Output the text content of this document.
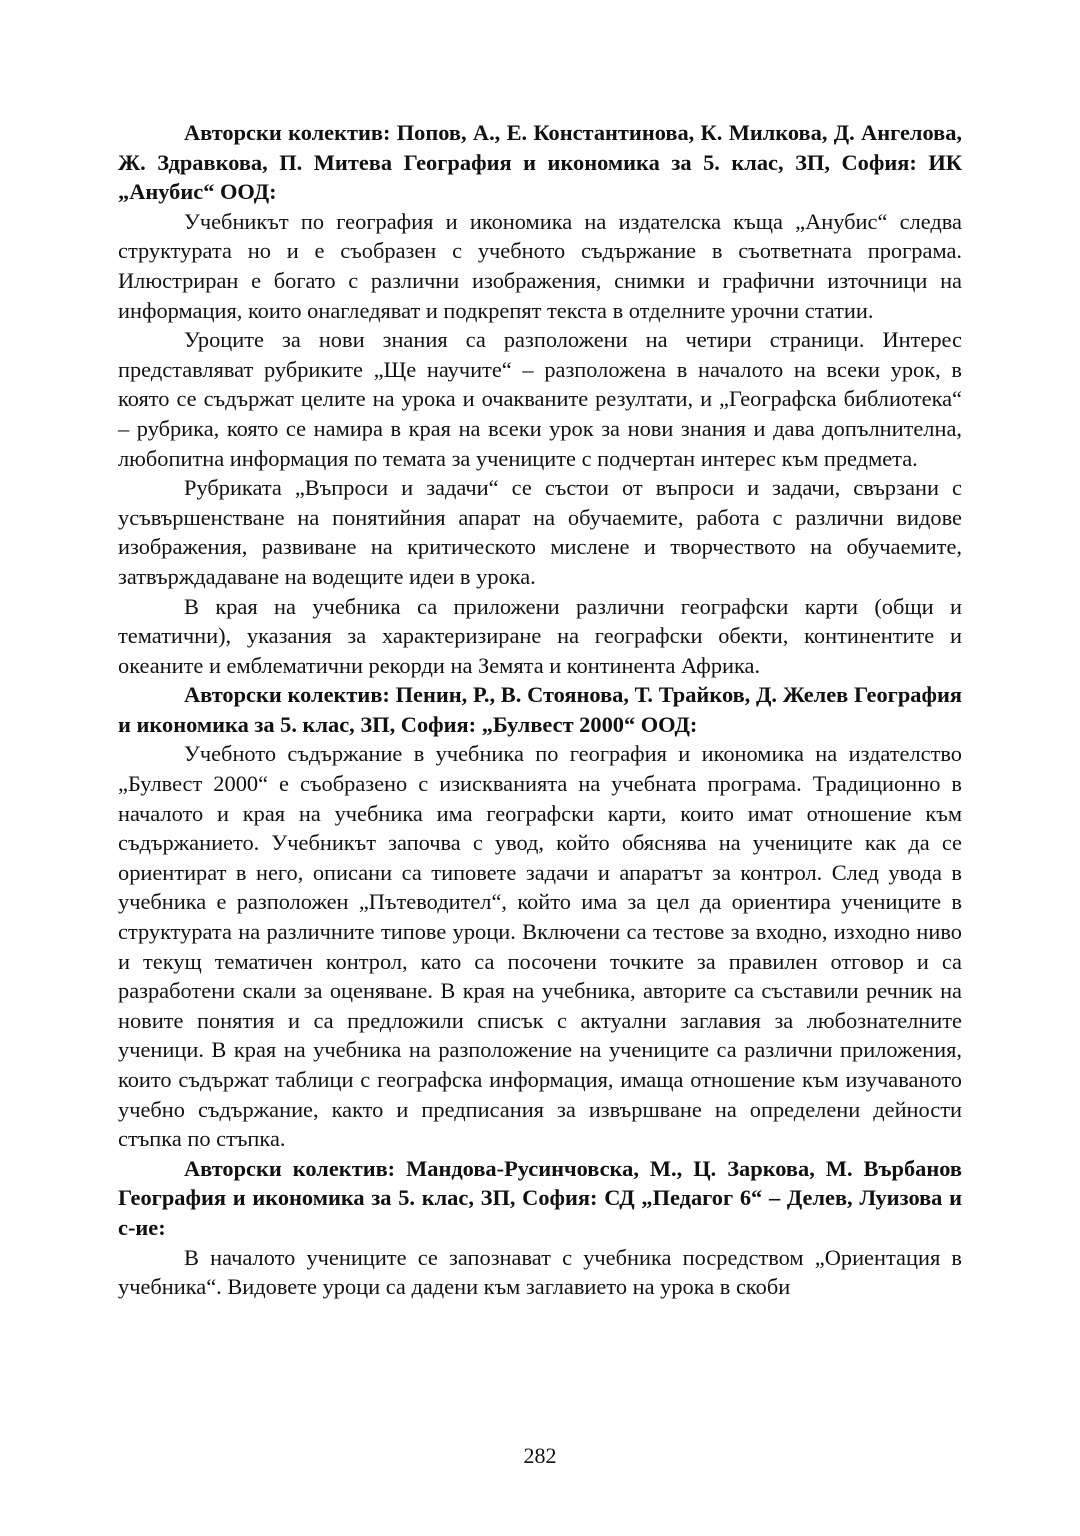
Авторски колектив: Попов, А., Е. Константинова, К. Милкова, Д. Ангелова, Ж. Здравкова, П. Митева География и икономика за 5. клас, ЗП, София: ИК „Анубис“ ООД:

Учебникът по география и икономика на издателска къща „Анубис“ следва структурата но и е съобразен с учебното съдържание в съответната програма. Илюстриран е богато с различни изображения, снимки и графични източници на информация, които онагледяват и подкрепят текста в отделните урочни статии.

Уроците за нови знания са разположени на четири страници. Интерес представляват рубриките „Ще научите“ – разположена в началото на всеки урок, в която се съдържат целите на урока и очакваните резултати, и „Географска библиотека“ – рубрика, която се намира в края на всеки урок за нови знания и дава допълнителна, любопитна информация по темата за учениците с подчертан интерес към предмета.

Рубриката „Въпроси и задачи“ се състои от въпроси и задачи, свързани с усъвършенстване на понятийния апарат на обучаемите, работа с различни видове изображения, развиване на критическото мислене и творчеството на обучаемите, затвърждадаване на водещите идеи в урока.

В края на учебника са приложени различни географски карти (общи и тематични), указания за характеризиране на географски обекти, континентите и океаните и емблематични рекорди на Земята и континента Африка.

Авторски колектив: Пенин, Р., В. Стоянова, Т. Трайков, Д. Желев География и икономика за 5. клас, ЗП, София: „Булвест 2000“ ООД:

Учебното съдържание в учебника по география и икономика на издателство „Булвест 2000“ е съобразено с изискванията на учебната програма. Традиционно в началото и края на учебника има географски карти, които имат отношение към съдържанието. Учебникът започва с увод, който обяснява на учениците как да се ориентират в него, описани са типовете задачи и апаратът за контрол. След увода в учебника е разположен „Пътеводител“, който има за цел да ориентира учениците в структурата на различните типове уроци. Включени са тестове за входно, изходно ниво и текущ тематичен контрол, като са посочени точките за правилен отговор и са разработени скали за оценяване. В края на учебника, авторите са съставили речник на новите понятия и са предложили списък с актуални заглавия за любознателните ученици. В края на учебника на разположение на учениците са различни приложения, които съдържат таблици с географска информация, имаща отношение към изучаваното учебно съдържание, както и предписания за извършване на определени дейности стъпка по стъпка.

Авторски колектив: Мандова-Русинчовска, М., Ц. Заркова, М. Върбанов География и икономика за 5. клас, ЗП, София: СД „Педагог 6“ – Делев, Луизова и с-ие:

В началото учениците се запознават с учебника посредством „Ориентация в учебника“. Видовете уроци са дадени към заглавието на урока в скоби

282
